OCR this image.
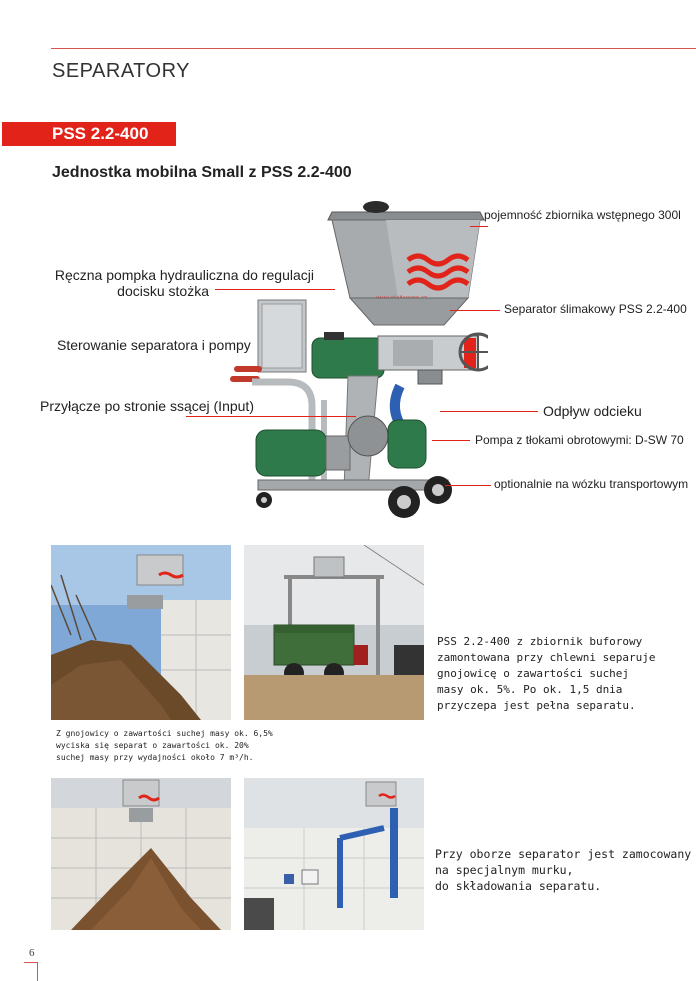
SEPARATORY
PSS 2.2-400
Jednostka mobilna Small z PSS 2.2-400
pojemność zbiornika wstępnego 300l
Ręczna pompka hydrauliczna do regulacji
docisku stożka
Separator ślimakowy PSS 2.2-400
Sterowanie separatora i pompy
Przyłącze po stronie ssącej (Input)	Odpływ odcieku
Pompa z tłokami obrotowymi: D-SW 70
optionalnie na wózku transportowym
Z gnojowicy o zawartości suchej masy ok. 6,5%
wyciska się separat o zawartości ok. 20%
suchej masy przy wydajności około 7 m³/h.
PSS 2.2-400 z zbiornik buforowy
zamontowana przy chlewni separuje
gnojowicę o zawartości suchej
masy ok. 5%. Po ok. 1,5 dnia
przyczepa jest pełna separatu.
Przy oborze separator jest zamocowany
na specjalnym murku,
do składowania separatu.
6
